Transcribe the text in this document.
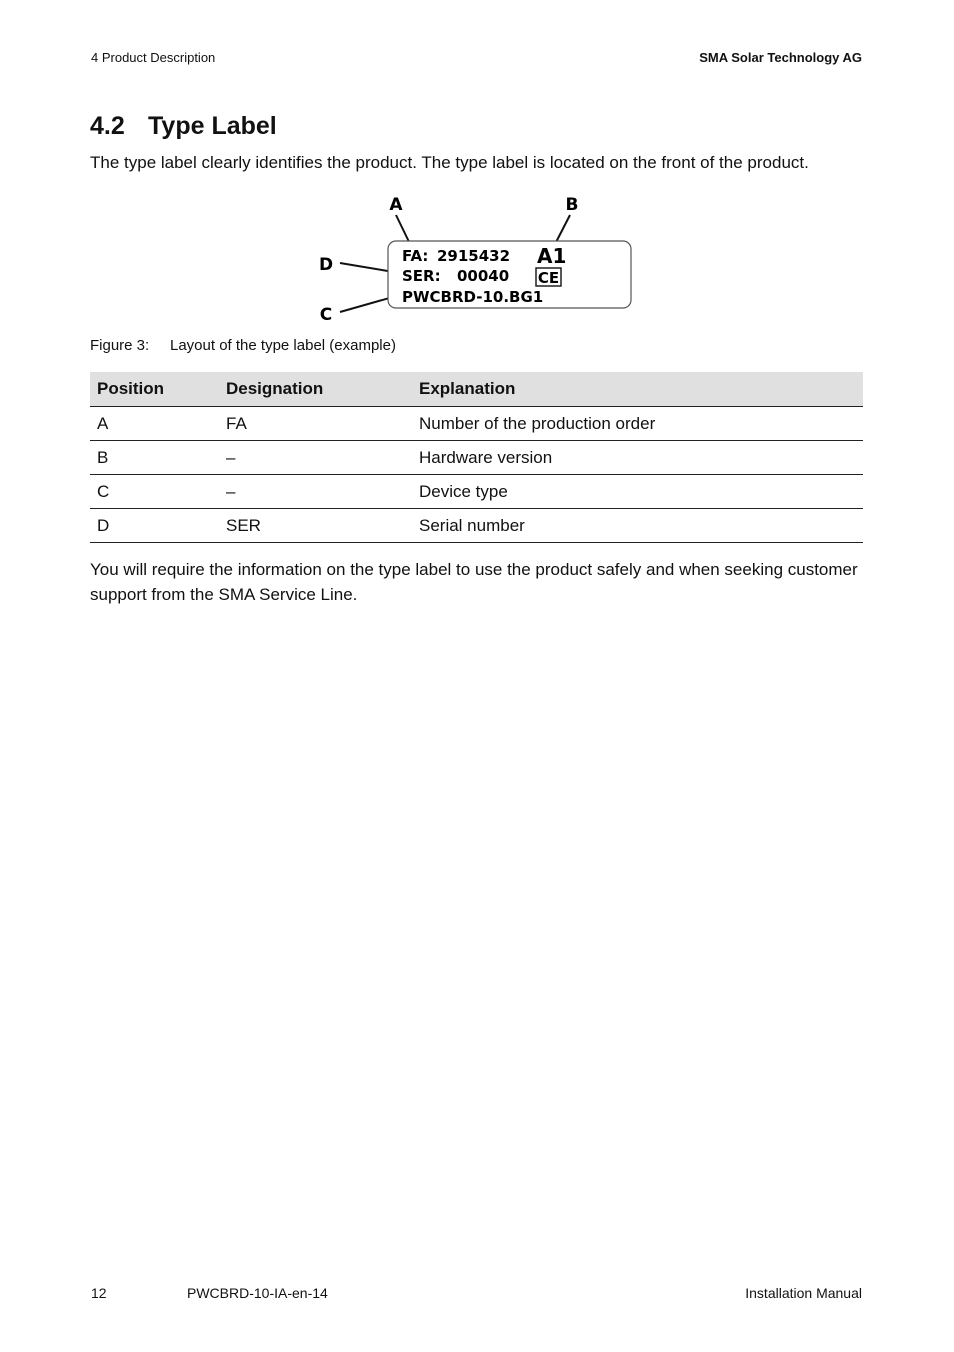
4 Product Description	SMA Solar Technology AG
4.2 Type Label
The type label clearly identifies the product. The type label is located on the front of the product.
A	B
D
C
FA: 2915432
SER: 00040
PWCBRD-10.BG1
A1
CE
Figure 3: Layout of the type label (example)
Position	Designation	Explanation
A	FA	Number of the production order
B	–	Hardware version
C	–	Device type
D	SER	Serial number
You will require the information on the type label to use the product safely and when seeking customer support from the SMA Service Line.
12	PWCBRD-10-IA-en-14	Installation Manual
